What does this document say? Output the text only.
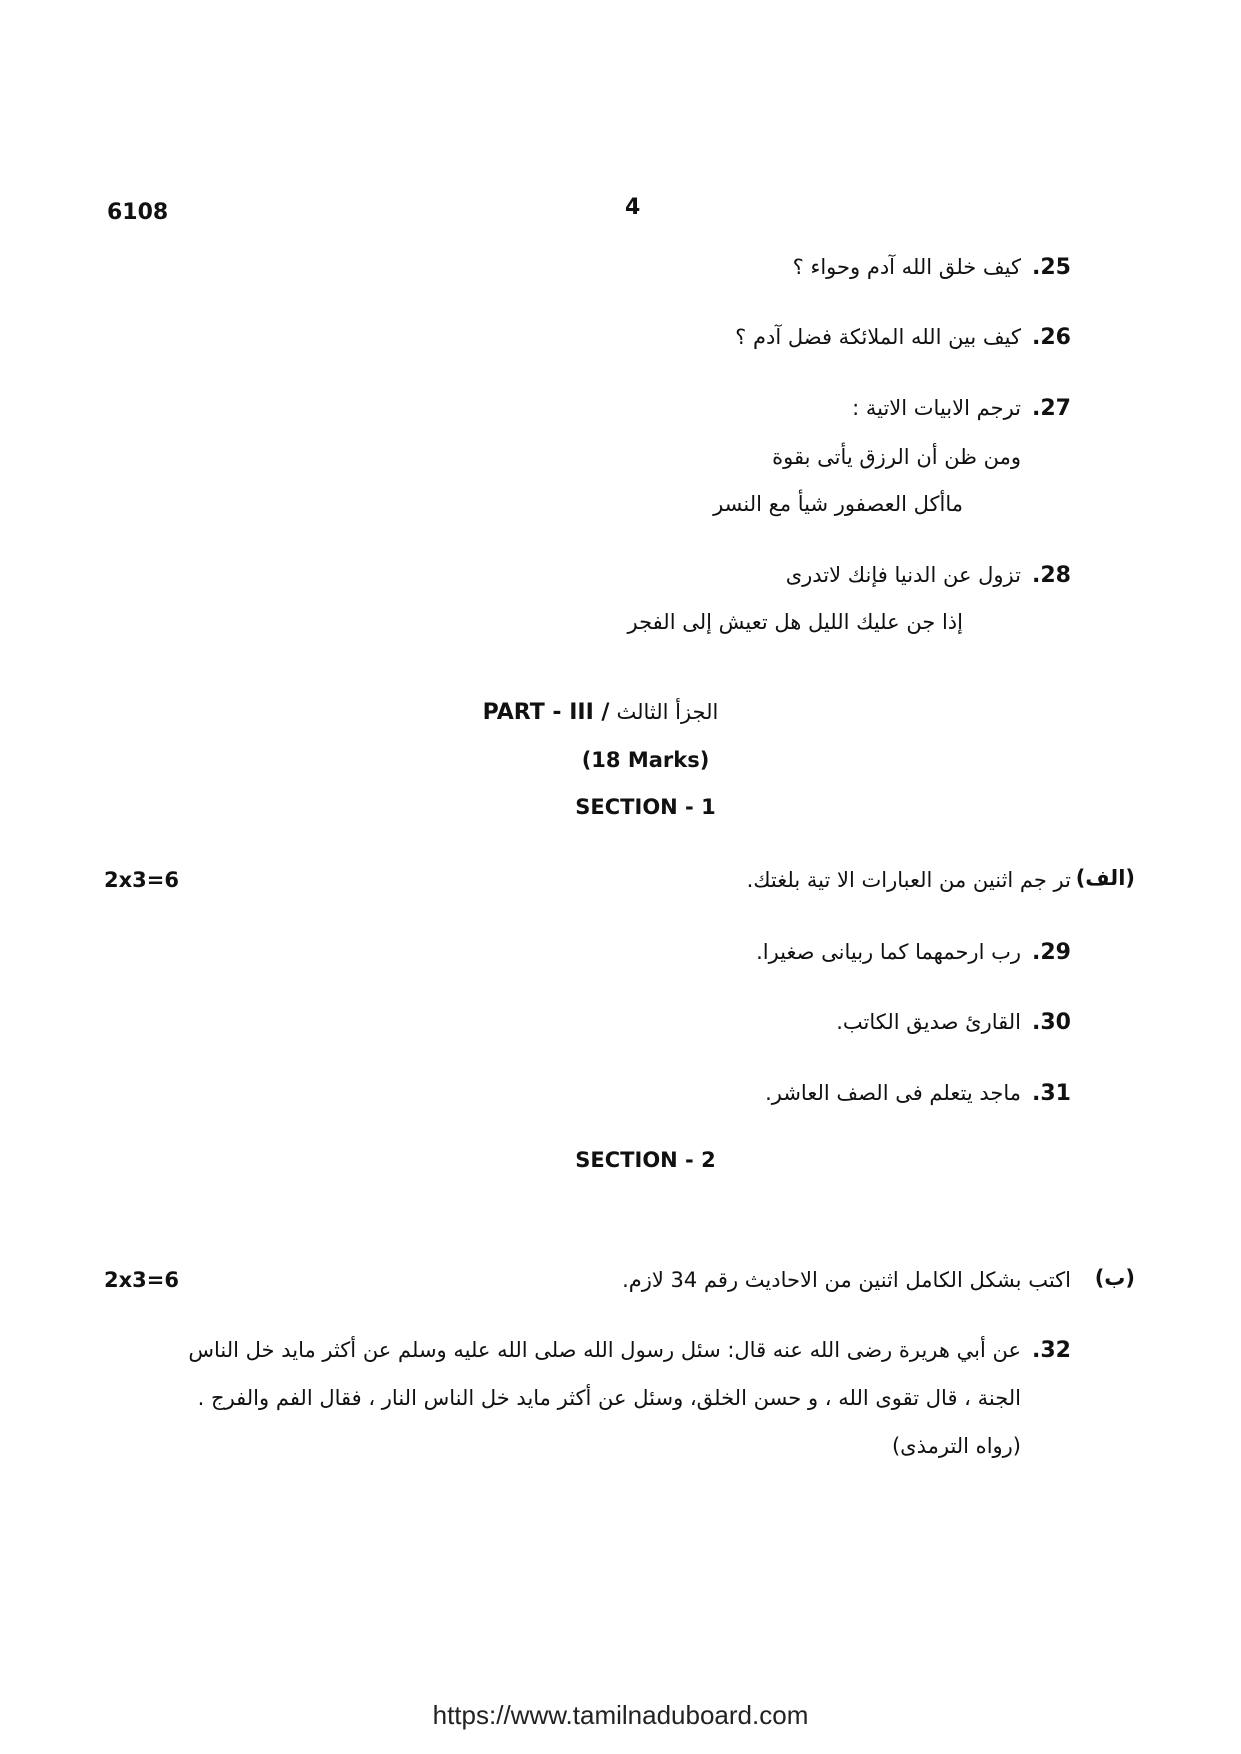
6108	4
.25
كيف خلق الله آدم وحواء ؟
.26
كيف بين الله الملائكة فضل آدم ؟
.27
ترجم الابيات الاتية :
ومن ظن أن الرزق يأتى بقوة
ماأكل العصفور شيأ مع النسر
.28
تزول عن الدنيا فإنك لاتدرى
إذا جن عليك الليل هل تعيش إلى الفجر
PART - III / الجزأ الثالث
(18 Marks)
SECTION - 1
2x3=6	(الف)
تر جم اثنين من العبارات الا تية بلغتك.
.29
رب ارحمهما كما ربيانى صغيرا.
.30
القارئ صديق الكاتب.
.31
ماجد يتعلم فى الصف العاشر.
SECTION - 2
2x3=6	(ب)
اكتب بشكل الكامل اثنين من الاحاديث رقم 34 لازم.
.32
عن أبي هريرة رضى الله عنه قال: سئل رسول الله صلى الله عليه وسلم عن أكثر مايد خل الناس
الجنة ، قال تقوى الله ، و حسن الخلق، وسئل عن أكثر مايد خل الناس النار ، فقال الفم والفرج .
(رواه الترمذى)
https://www.tamilnaduboard.com
